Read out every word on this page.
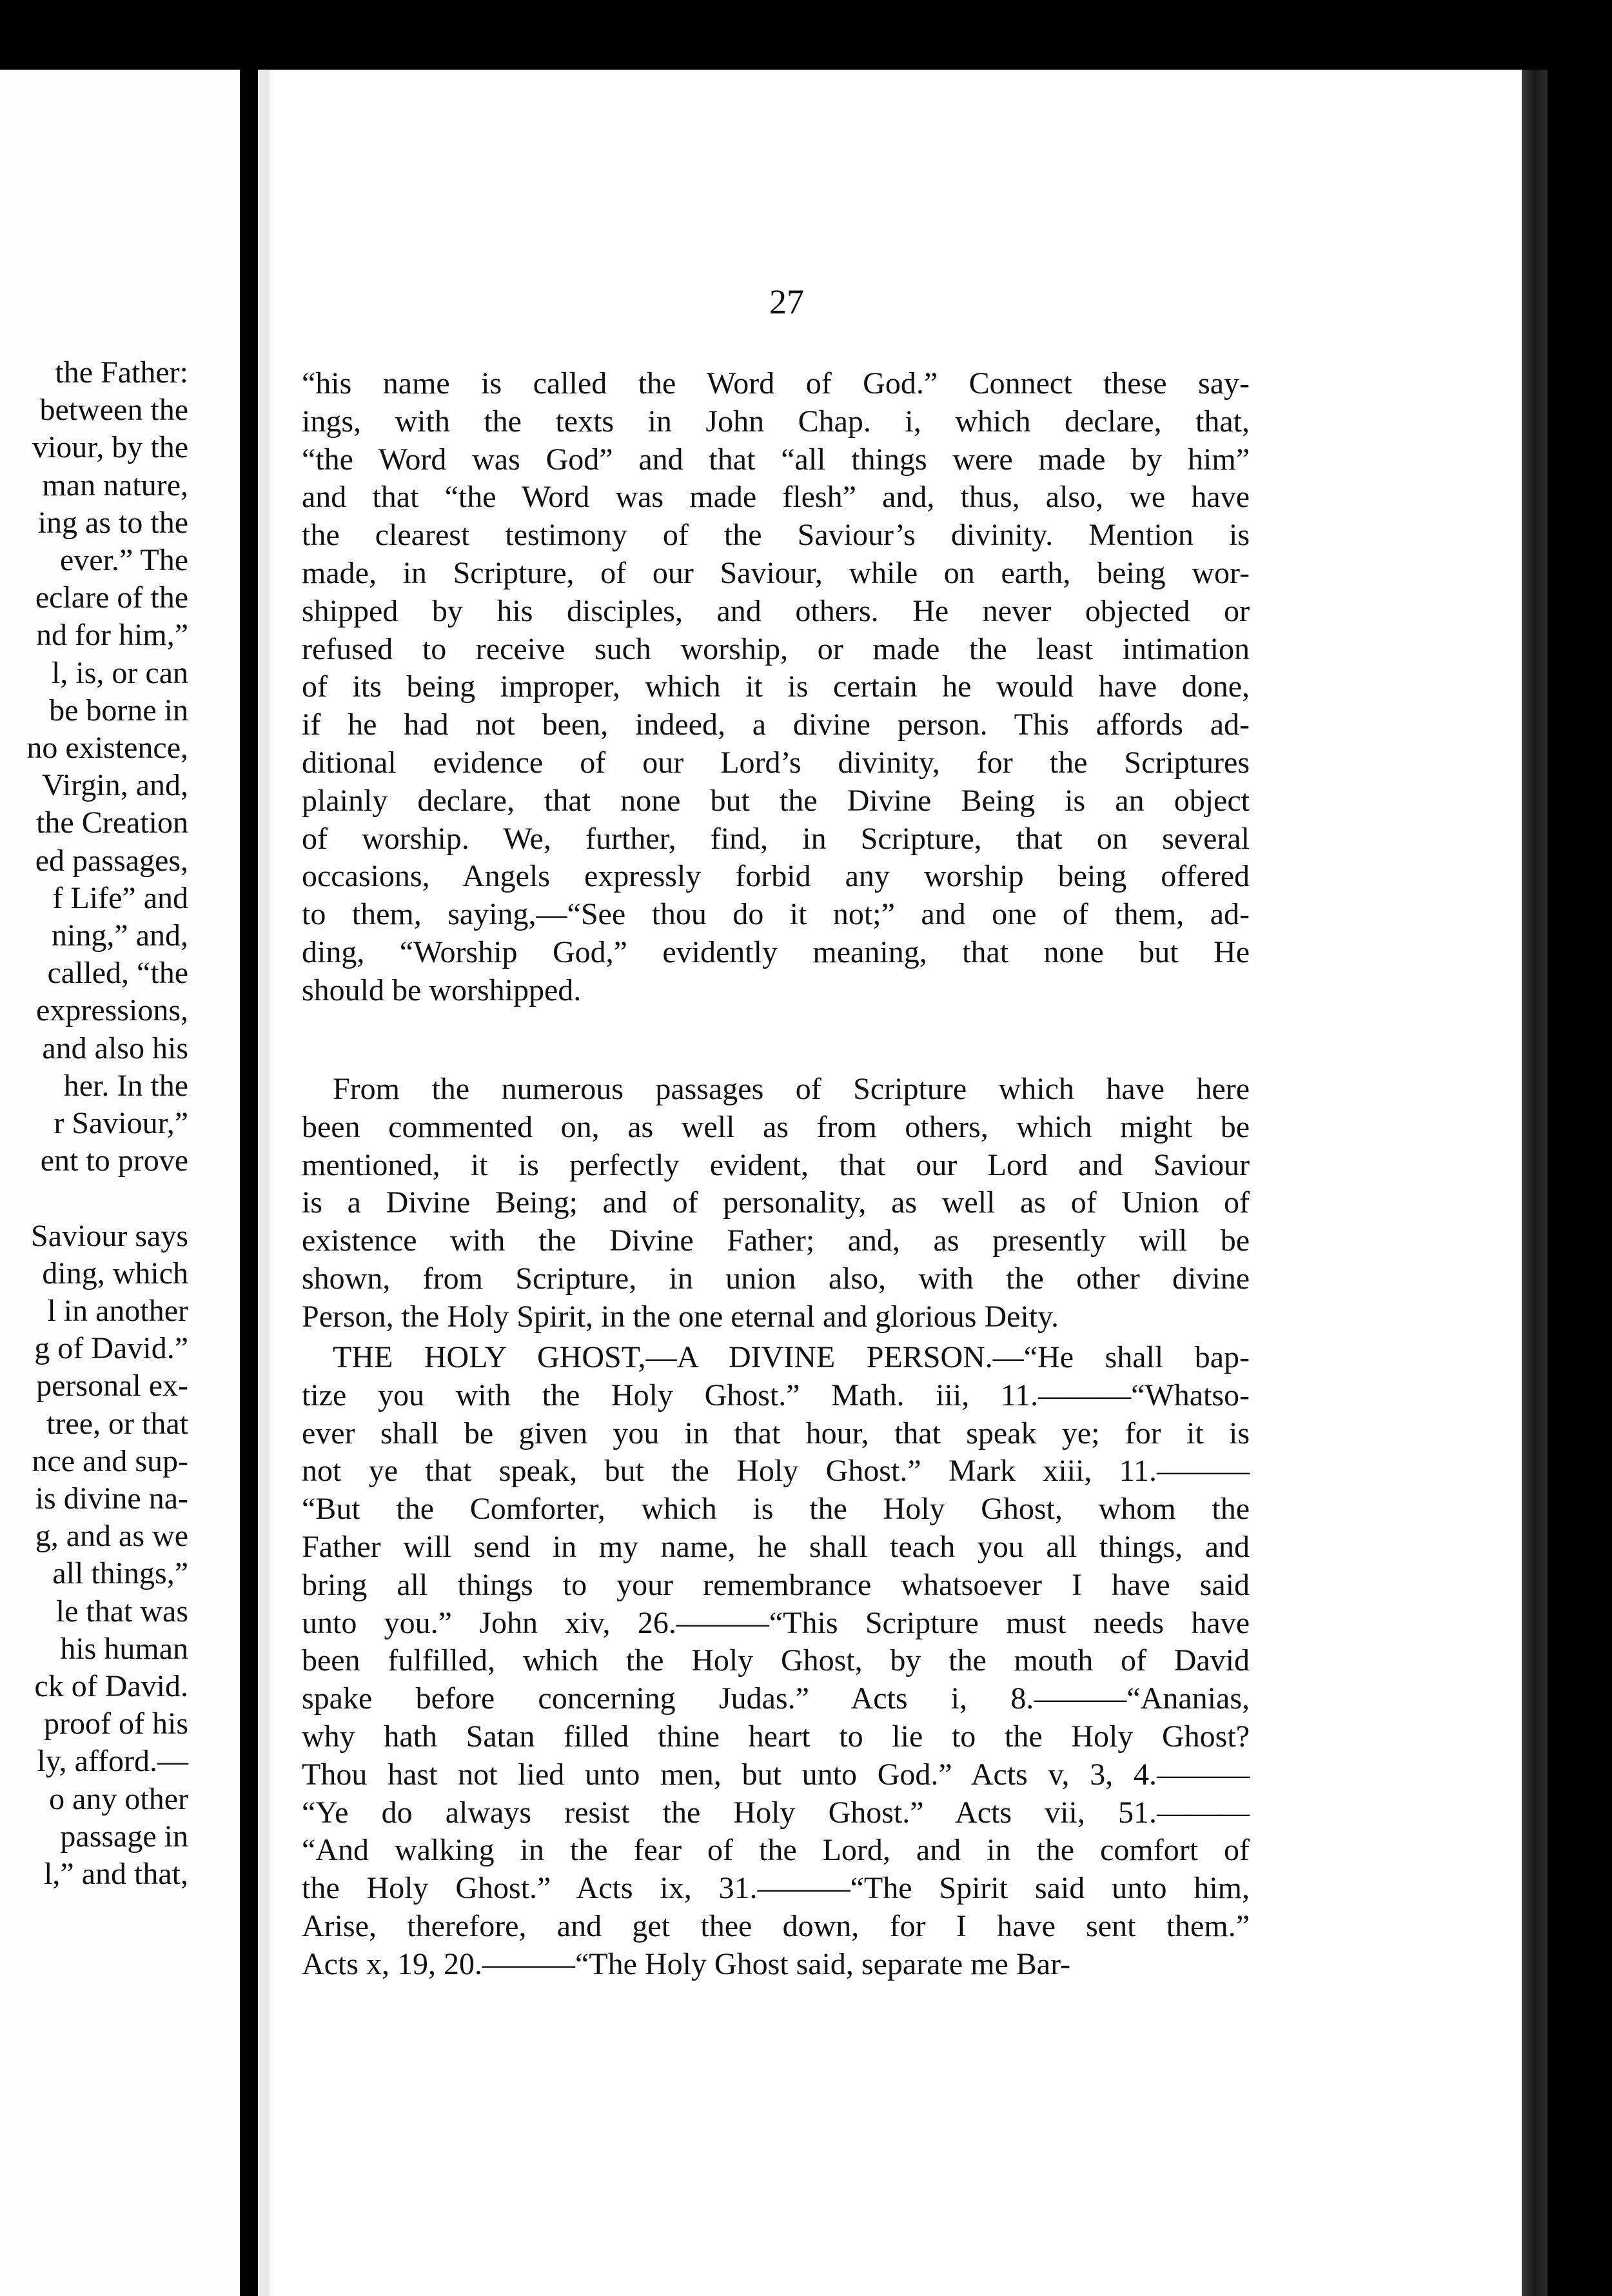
the Father:
between the
viour, by the
man nature,
ing as to the
ever.” The
eclare of the
nd for him,”
l, is, or can
be borne in
no existence,
Virgin, and,
the Creation
ed passages,
f Life” and
ning,” and,
called, “the
expressions,
and also his
her. In the
r Saviour,”
ent to prove
Saviour says
ding, which
l in another
g of David.”
personal ex-
tree, or that
nce and sup-
is divine na-
g, and as we
all things,”
le that was
his human
ck of David.
proof of his
ly, afford.—
o any other
passage in
l,” and that,
27
“his name is called the Word of God.” Connect these say-
ings, with the texts in John Chap. i, which declare, that,
“the Word was God” and that “all things were made by him”
and that “the Word was made flesh” and, thus, also, we have
the clearest testimony of the Saviour’s divinity. Mention is
made, in Scripture, of our Saviour, while on earth, being wor-
shipped by his disciples, and others. He never objected or
refused to receive such worship, or made the least intimation
of its being improper, which it is certain he would have done,
if he had not been, indeed, a divine person. This affords ad-
ditional evidence of our Lord’s divinity, for the Scriptures
plainly declare, that none but the Divine Being is an object
of worship. We, further, find, in Scripture, that on several
occasions, Angels expressly forbid any worship being offered
to them, saying,—“See thou do it not;” and one of them, ad-
ding, “Worship God,” evidently meaning, that none but He
should be worshipped.
From the numerous passages of Scripture which have here
been commented on, as well as from others, which might be
mentioned, it is perfectly evident, that our Lord and Saviour
is a Divine Being; and of personality, as well as of Union of
existence with the Divine Father; and, as presently will be
shown, from Scripture, in union also, with the other divine
Person, the Holy Spirit, in the one eternal and glorious Deity.
THE HOLY GHOST,—A DIVINE PERSON.—“He shall bap-
tize you with the Holy Ghost.” Math. iii, 11.———“Whatso-
ever shall be given you in that hour, that speak ye; for it is
not ye that speak, but the Holy Ghost.” Mark xiii, 11.———
“But the Comforter, which is the Holy Ghost, whom the
Father will send in my name, he shall teach you all things, and
bring all things to your remembrance whatsoever I have said
unto you.” John xiv, 26.———“This Scripture must needs have
been fulfilled, which the Holy Ghost, by the mouth of David
spake before concerning Judas.” Acts i, 8.———“Ananias,
why hath Satan filled thine heart to lie to the Holy Ghost?
Thou hast not lied unto men, but unto God.” Acts v, 3, 4.———
“Ye do always resist the Holy Ghost.” Acts vii, 51.———
“And walking in the fear of the Lord, and in the comfort of
the Holy Ghost.” Acts ix, 31.———“The Spirit said unto him,
Arise, therefore, and get thee down, for I have sent them.”
Acts x, 19, 20.———“The Holy Ghost said, separate me Bar-
